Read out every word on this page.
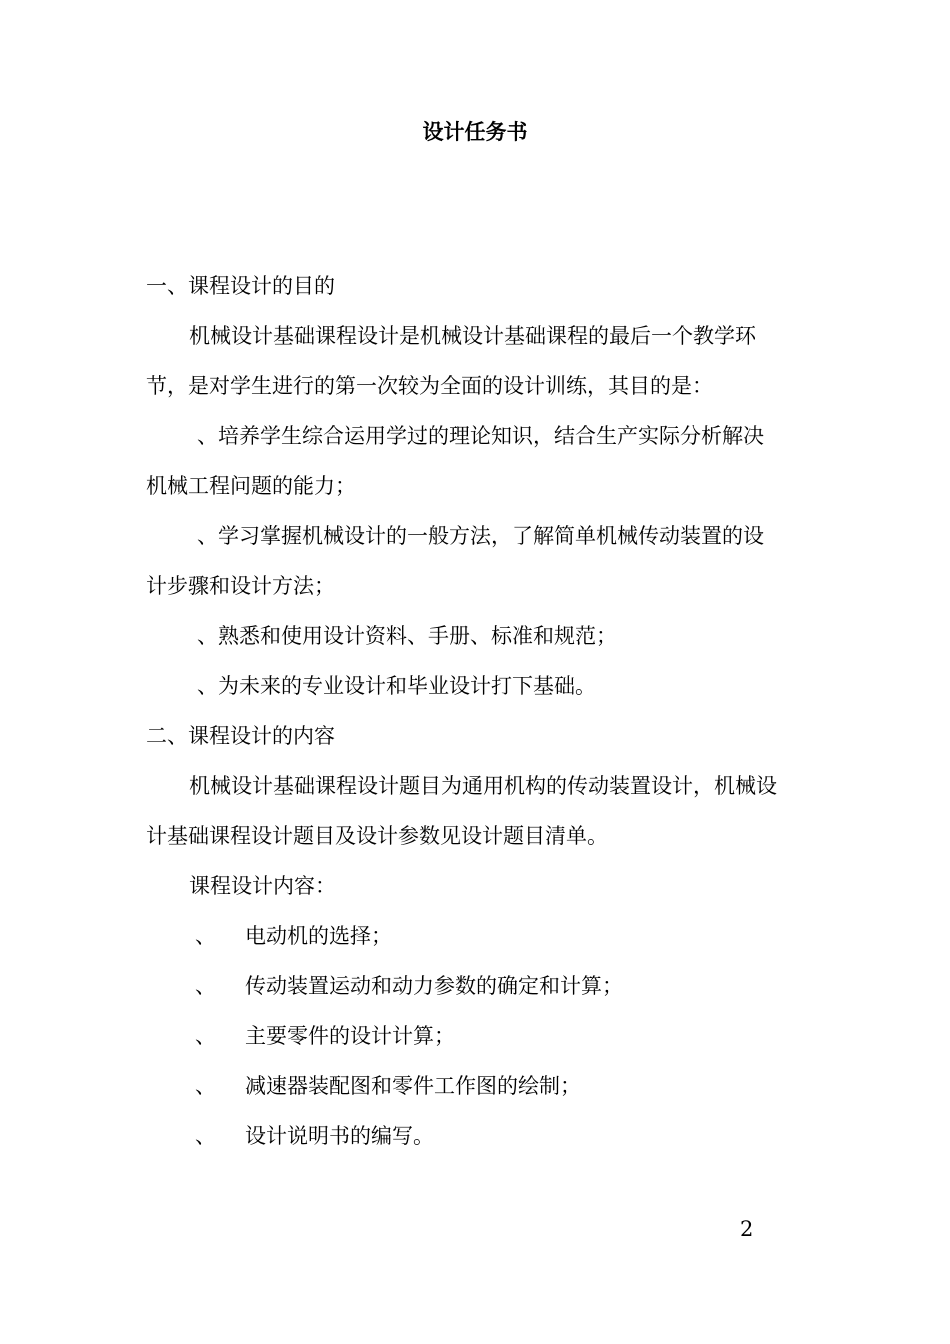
设计任务书

一、课程设计的目的

机械设计基础课程设计是机械设计基础课程的最后一个教学环

节，是对学生进行的第一次较为全面的设计训练，其目的是：

、培养学生综合运用学过的理论知识，结合生产实际分析解决

机械工程问题的能力；

、学习掌握机械设计的一般方法，了解简单机械传动装置的设

计步骤和设计方法；

、熟悉和使用设计资料、手册、标准和规范；

、为未来的专业设计和毕业设计打下基础。

二、课程设计的内容

机械设计基础课程设计题目为通用机构的传动装置设计，机械设

计基础课程设计题目及设计参数见设计题目清单。

课程设计内容：

、	电动机的选择；
、	传动装置运动和动力参数的确定和计算；
、	主要零件的设计计算；
、	减速器装配图和零件工作图的绘制；
、	设计说明书的编写。
2
